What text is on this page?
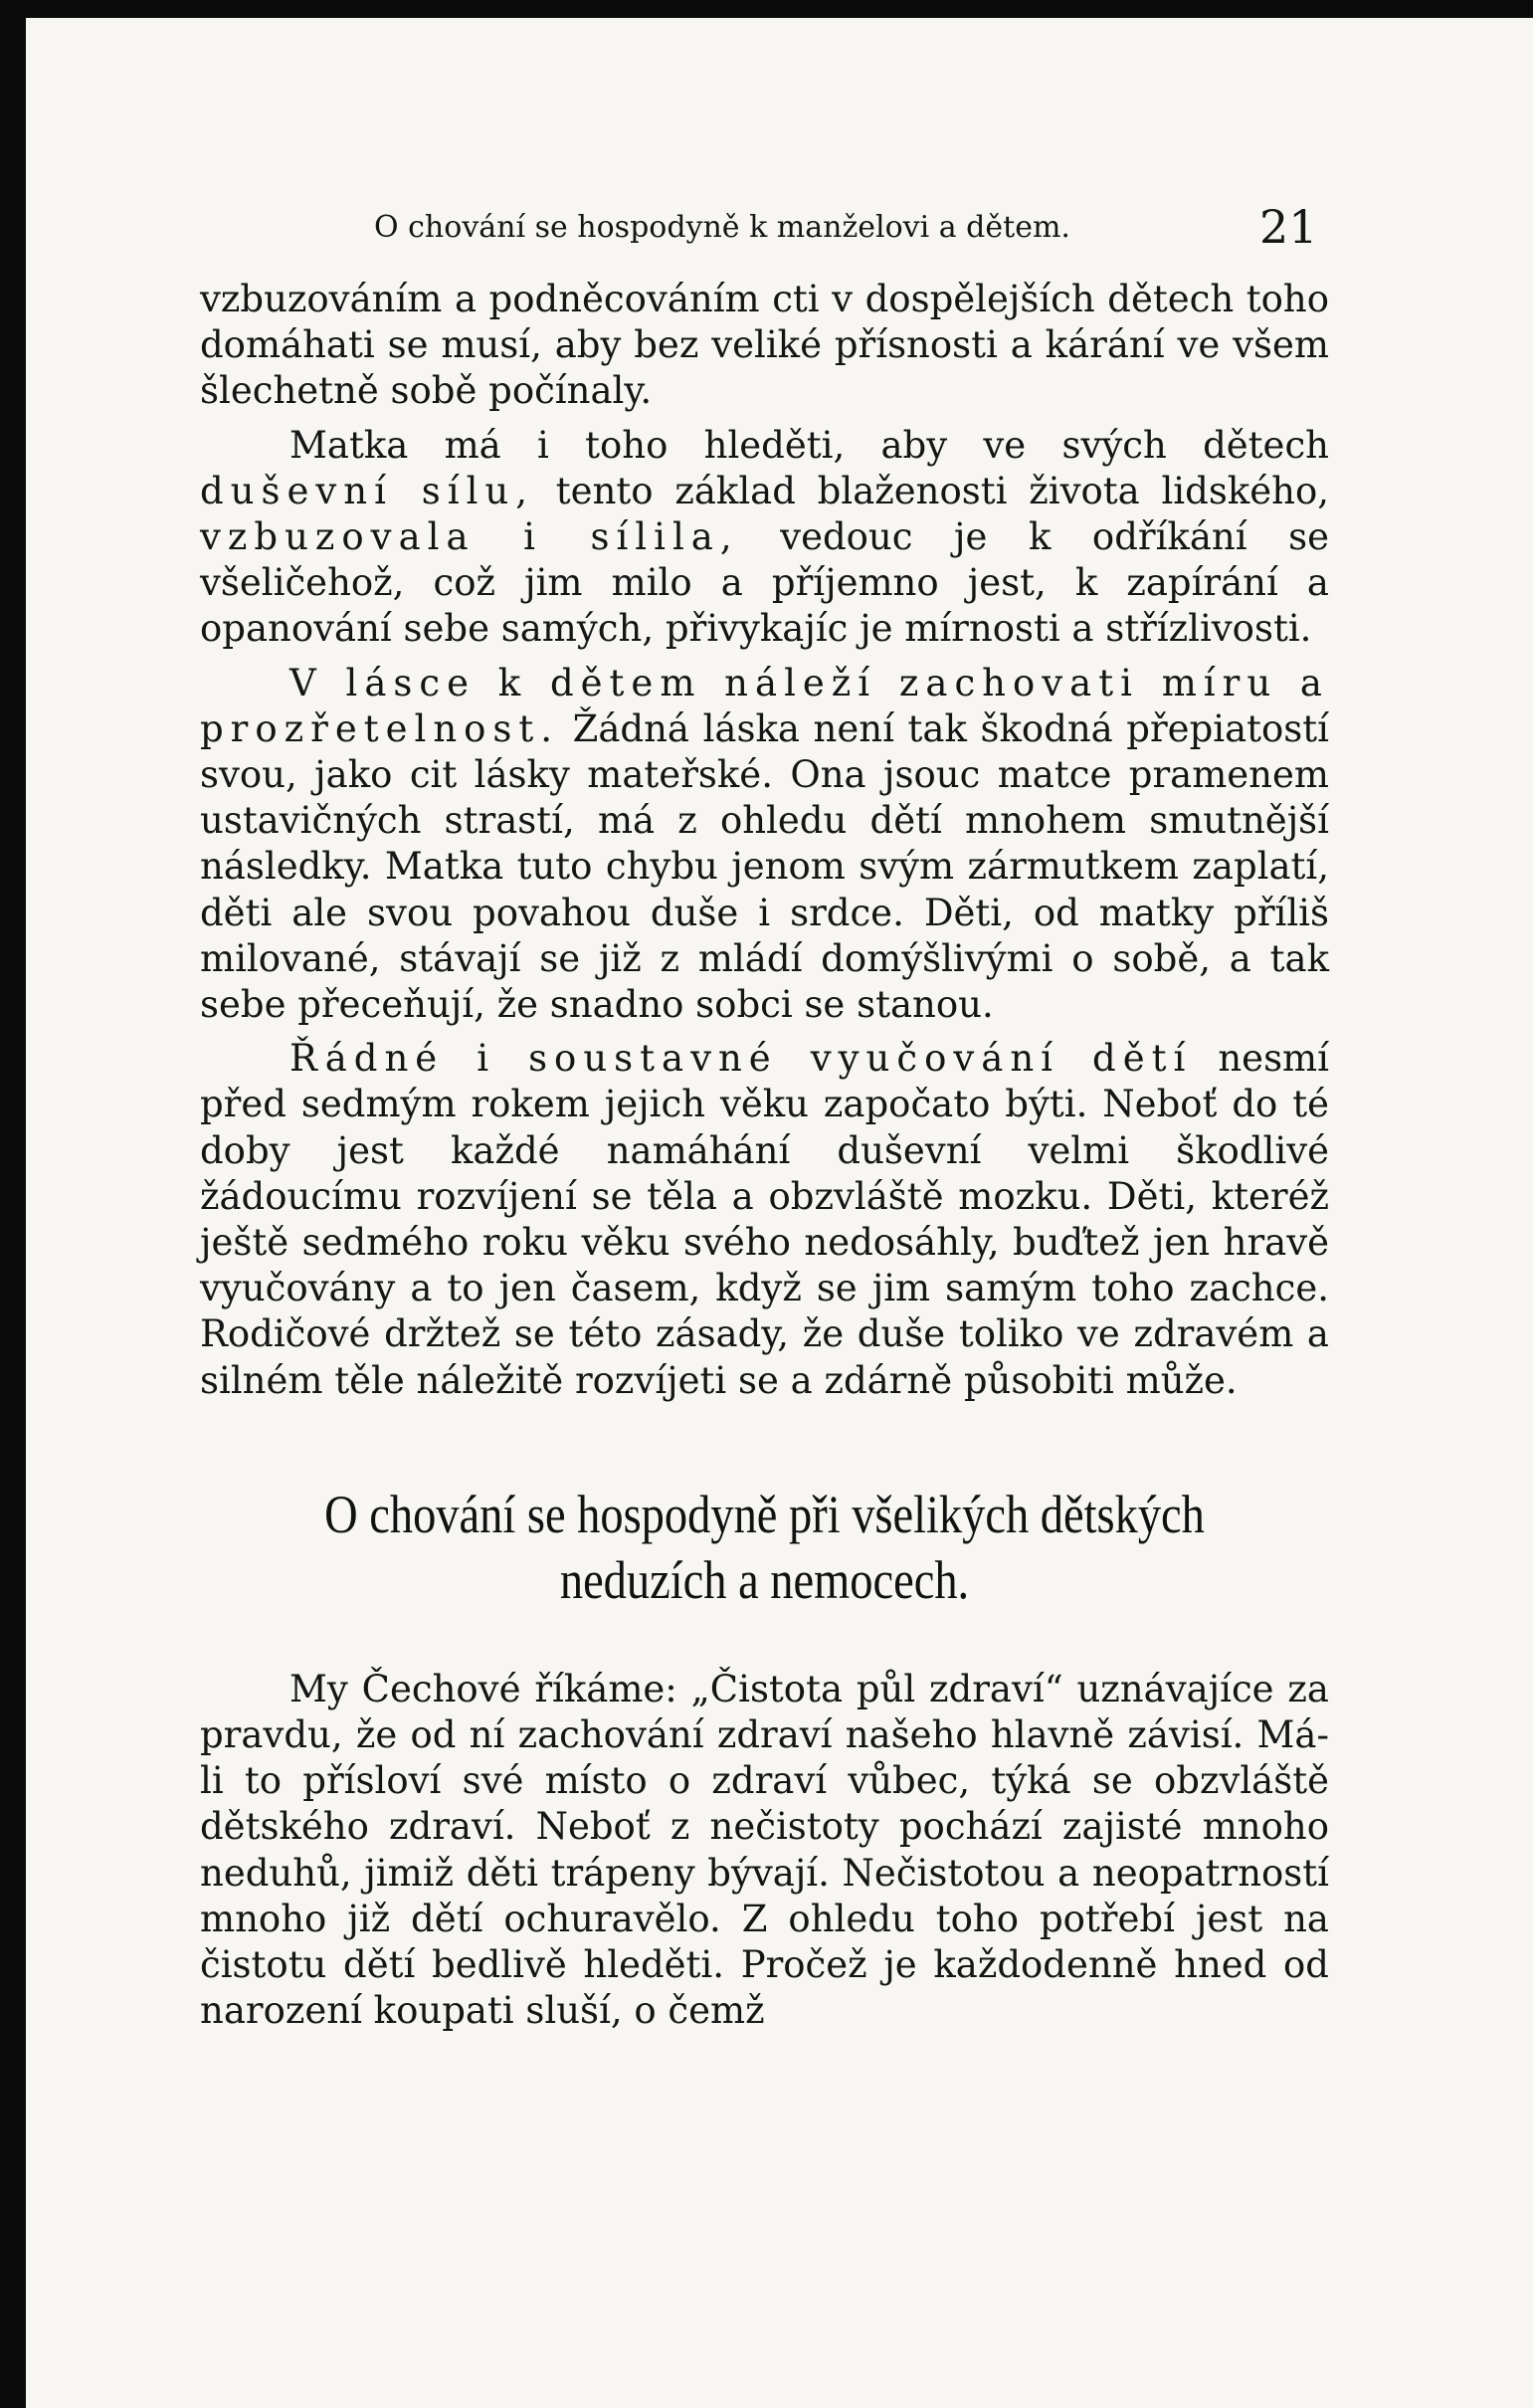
O chování se hospodyně k manželovi a dětem.	21

vzbuzováním a podněcováním cti v dospělejších dětech toho domáhati se musí, aby bez veliké přísnosti a kárání ve všem šlechetně sobě počínaly.

Matka má i toho hleděti, aby ve svých dětech duševní sílu, tento základ blaženosti života lidského, vzbuzovala i sílila, vedouc je k odříkání se všeličehož, což jim milo a příjemno jest, k zapírání a opanování sebe samých, přivykajíc je mírnosti a střízlivosti.

V lásce k dětem náleží zachovati míru a prozřetelnost. Žádná láska není tak škodná přepiatostí svou, jako cit lásky mateřské. Ona jsouc matce pramenem ustavičných strastí, má z ohledu dětí mnohem smutnější následky. Matka tuto chybu jenom svým zármutkem zaplatí, děti ale svou povahou duše i srdce. Děti, od matky příliš milované, stávají se již z mládí domýšlivými o sobě, a tak sebe přeceňují, že snadno sobci se stanou.

Řádné i soustavné vyučování dětí nesmí před sedmým rokem jejich věku započato býti. Neboť do té doby jest každé namáhání duševní velmi škodlivé žádoucímu rozvíjení se těla a obzvláště mozku. Děti, kteréž ještě sedmého roku věku svého nedosáhly, buďtež jen hravě vyučovány a to jen časem, když se jim samým toho zachce. Rodičové držtež se této zásady, že duše toliko ve zdravém a silném těle náležitě rozvíjeti se a zdárně působiti může.

O chování se hospodyně při všelikých dětských neduzích a nemocech.

My Čechové říkáme: „Čistota půl zdraví“ uznávajíce za pravdu, že od ní zachování zdraví našeho hlavně závisí. Má-li to přísloví své místo o zdraví vůbec, týká se obzvláště dětského zdraví. Neboť z nečistoty pochází zajisté mnoho neduhů, jimiž děti trápeny bývají. Nečistotou a neopatrností mnoho již dětí ochuravělo. Z ohledu toho potřebí jest na čistotu dětí bedlivě hleděti. Pročež je každodenně hned od narození koupati sluší, o čemž
